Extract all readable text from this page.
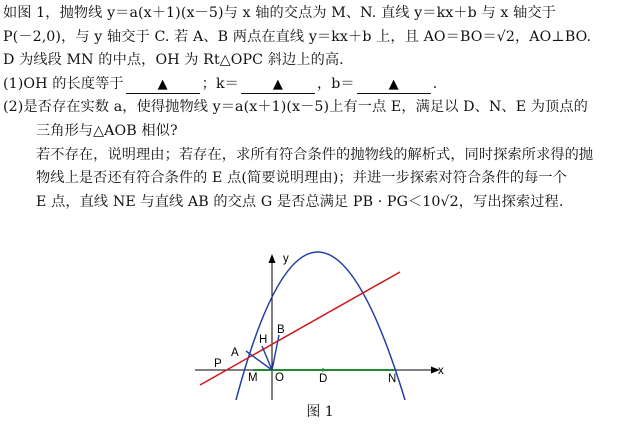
如图 1，抛物线 y＝a(x＋1)(x－5)与 x 轴的交点为 M、N. 直线 y＝kx＋b 与 x 轴交于
P(－2,0)，与 y 轴交于 C. 若 A、B 两点在直线 y＝kx＋b 上，且 AO＝BO＝√2，AO⊥BO.
D 为线段 MN 的中点，OH 为 Rt△OPC 斜边上的高.
(1)OH 的长度等于	▲ ；k＝	▲ ，b＝	▲ .
(2)是否存在实数 a，使得抛物线 y＝a(x＋1)(x－5)上有一点 E，满足以 D、N、E 为顶点的
三角形与△AOB 相似?
若不存在，说明理由；若存在，求所有符合条件的抛物线的解析式，同时探索所求得的抛
物线上是否还有符合条件的 E 点(简要说明理由)；并进一步探索对符合条件的每一个
E 点，直线 NE 与直线 AB 的交点 G 是否总满足 PB · PG＜10√2，写出探索过程.
y
x
P
A
H
B
M O	D	N
图 1
